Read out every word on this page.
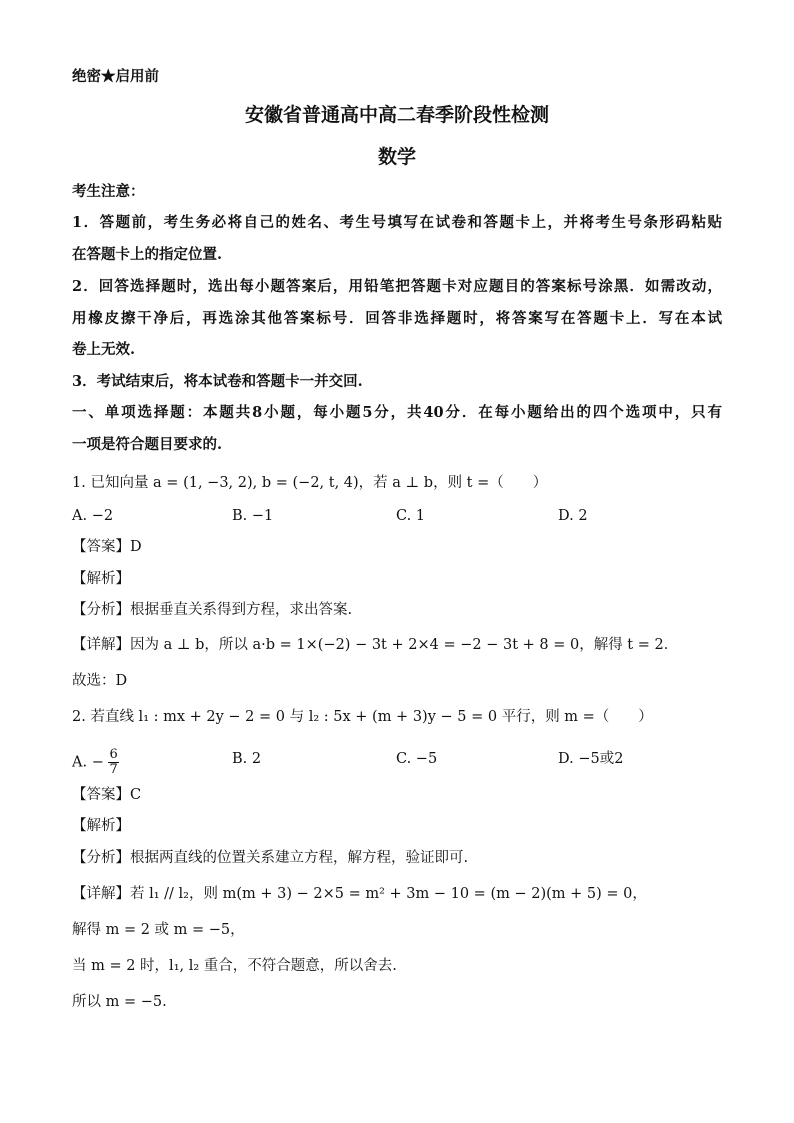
绝密★启用前
安徽省普通高中高二春季阶段性检测
数学
考生注意：
1．答题前，考生务必将自己的姓名、考生号填写在试卷和答题卡上，并将考生号条形码粘贴
在答题卡上的指定位置.
2．回答选择题时，选出每小题答案后，用铅笔把答题卡对应题目的答案标号涂黑．如需改动，
用橡皮擦干净后，再选涂其他答案标号．回答非选择题时，将答案写在答题卡上．写在本试
卷上无效.
3．考试结束后，将本试卷和答题卡一并交回.
一、单项选择题：本题共8小题，每小题5分，共40分．在每小题给出的四个选项中，只有
一项是符合题目要求的.
1. 已知向量 a = (1, −3, 2), b = (−2, t, 4)，若 a ⊥ b，则 t =（　　）
A. −2	B. −1	C. 1	D. 2
【答案】D
【解析】
【分析】根据垂直关系得到方程，求出答案.
【详解】因为 a ⊥ b，所以 a·b = 1×(−2) − 3t + 2×4 = −2 − 3t + 8 = 0，解得 t = 2．
故选：D
2. 若直线 l₁ : mx + 2y − 2 = 0 与 l₂ : 5x + (m + 3)y − 5 = 0 平行，则 m =（　　）
A. − $\frac{6}{7}$	B. 2	C. −5	D. −5或2
【答案】C
【解析】
【分析】根据两直线的位置关系建立方程，解方程，验证即可.
【详解】若 l₁ // l₂，则 m(m + 3) − 2×5 = m² + 3m − 10 = (m − 2)(m + 5) = 0，
解得 m = 2 或 m = −5，
当 m = 2 时，l₁, l₂ 重合，不符合题意，所以舍去.
所以 m = −5.
